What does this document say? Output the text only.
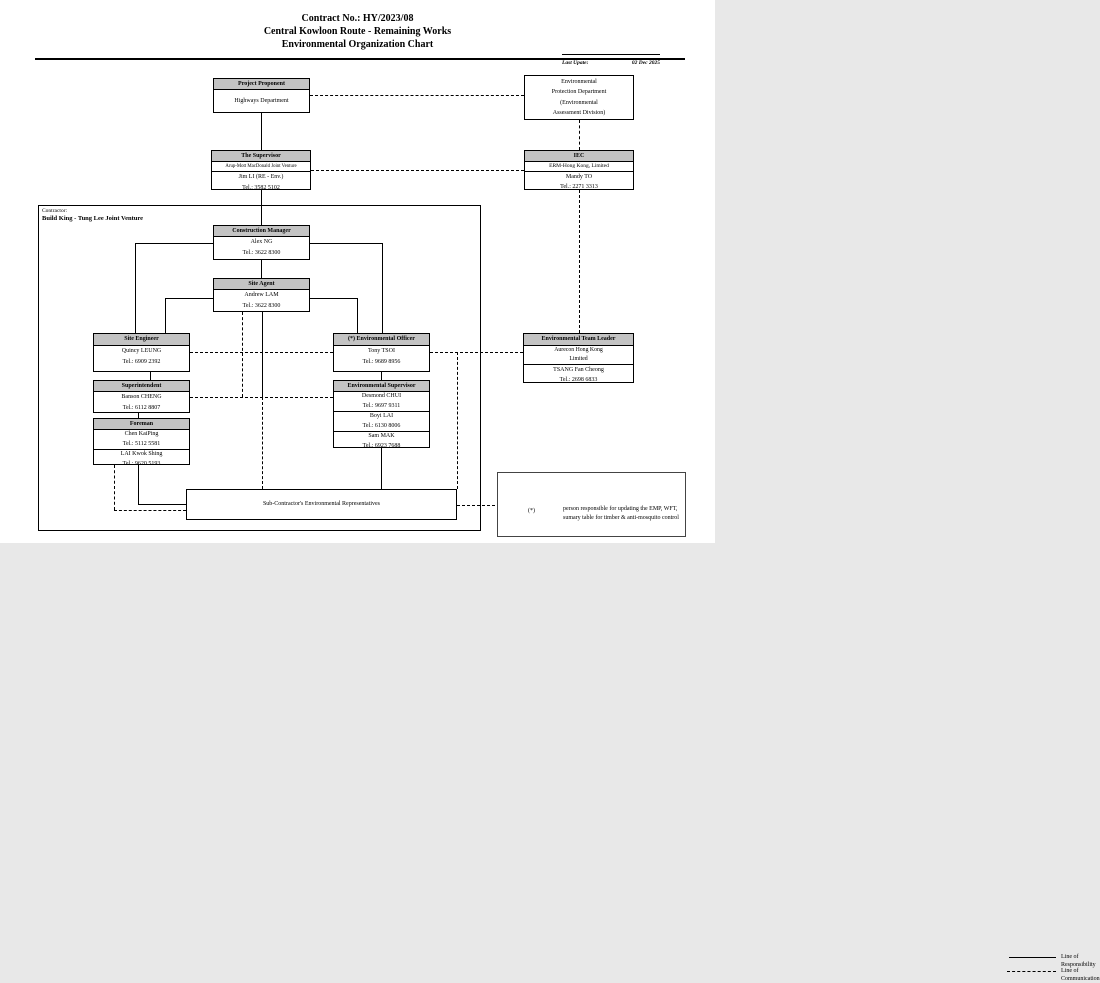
Contract No.: HY/2023/08
Central Kowloon Route - Remaining Works
Environmental Organization Chart
Last Upate:	02 Dec 2025
Contractor:
Build King - Tung Lee Joint Venture
Project Proponent
Highways Department
Environmental
Protection Department
(Environmental
Assessment Division)
The Supervisor
Arup-Mott MacDonald Joint Venture
Jim LI (RE - Env.)
Tel.: 3582 5102
IEC
ERM-Hong Kong, Limited
Mandy TO
Tel.: 2271 3313
Construction Manager
Alex NG
Tel.: 3622 8300
Site Agent
Andrew LAM
Tel.: 3622 8300
Site Engineer
Quincy LEUNG
Tel.: 6909 2392
(*) Environmental Officer
Tony TSOI
Tel.: 9689 8956
Environmental Team Leader
Aurecon Hong Kong
Limited
TSANG Fan Cheong
Tel.: 2698 6833
Superintendent
Banson CHENG
Tel.: 6112 8807
Environmental Supervisor
Desmond CHUI
Tel.: 9697 9311
Boyi LAI
Tel.: 6130 8006
Sam MAK
Tel.: 6923 7688
Foreman
Chen KaiPing
Tel.: 5112 5581
LAI Kwok Shing
Tel.: 9620 5193
Sub-Contractor's Environmental Representatives
Line of Responsibility
Line of Communication
(*)	person responsible for updating the EMP, WFT, sumary table for timber & anti-mosquito control
